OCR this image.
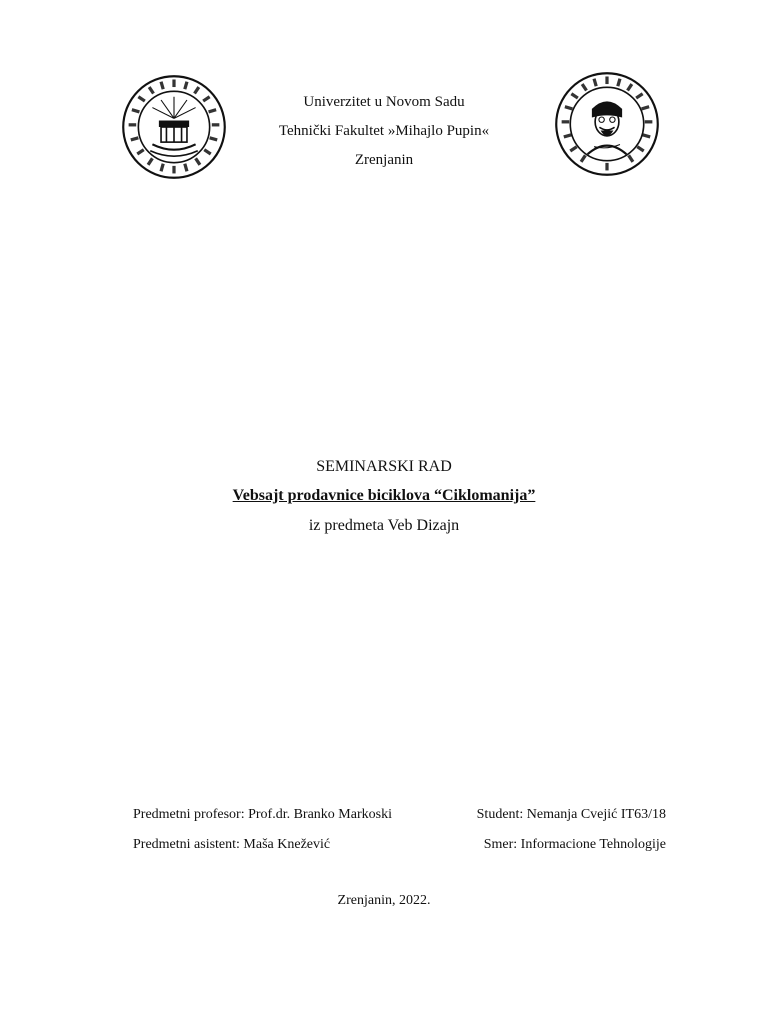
Univerzitet u Novom Sadu
Tehnički Fakultet »Mihajlo Pupin«
Zrenjanin
SEMINARSKI RAD
Vebsajt prodavnice biciklova “Ciklomanija”
iz predmeta Veb Dizajn
Predmetni profesor: Prof.dr. Branko Markoski
Predmetni asistent: Maša Knežević
Student: Nemanja Cvejić IT63/18
Smer: Informacione Tehnologije
Zrenjanin, 2022.
